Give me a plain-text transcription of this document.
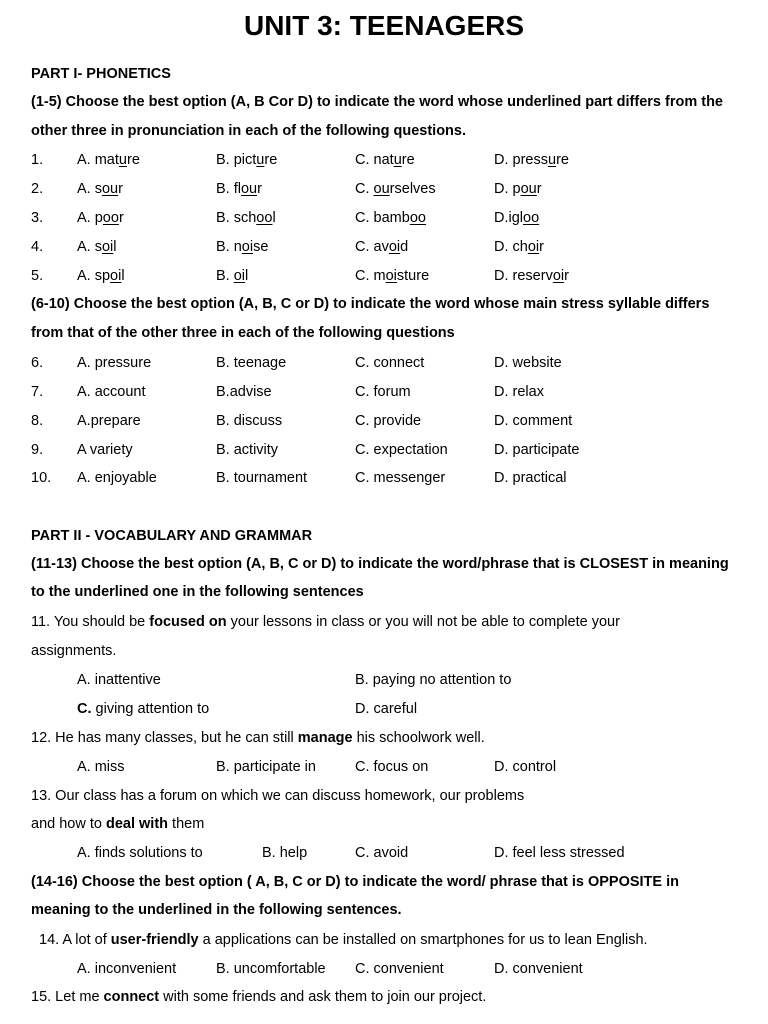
UNIT 3: TEENAGERS
PART I- PHONETICS
(1-5) Choose the best option (A, B Cor D) to indicate the word whose underlined part differs from the
other three in pronunciation in each of the following questions.
1. A. mature	B. picture	C. nature	D. pressure
2. A. sour	B. flour	C. ourselves	D. pour
3. A. poor	B. school	C. bamboo	D.igloo
4. A. soil	B. noise	C. avoid	D. choir
5. A. spoil	B. oil	C. moisture	D. reservoir
(6-10) Choose the best option (A, B, C or D) to indicate the word whose main stress syllable differs
from that of the other three in each of the following questions
6. A. pressure	B. teenage	C. connect	D. website
7. A. account	B.advise	C. forum	D. relax
8. A.prepare	B. discuss	C. provide	D. comment
9. A variety	B. activity	C. expectation	D. participate
10. A. enjoyable	B. tournament	C. messenger	D. practical
PART II - VOCABULARY AND GRAMMAR
(11-13) Choose the best option (A, B, C or D) to indicate the word/phrase that is CLOSEST in meaning
to the underlined one in the following sentences
11. You should be focused on your lessons in class or you will not be able to complete your
assignments.
A. inattentive	B. paying no attention to
C. giving attention to	D. careful
12. He has many classes, but he can still manage his schoolwork well.
A. miss	B. participate in	C. focus on	D. control
13. Our class has a forum on which we can discuss homework, our problems
and how to deal with them
A. finds solutions to	B. help	C. avoid	D. feel less stressed
(14-16) Choose the best option ( A, B, C or D) to indicate the word/ phrase that is OPPOSITE in
meaning to the underlined in the following sentences.
14. A lot of user-friendly a applications can be installed on smartphones for us to lean English.
A. inconvenient	B. uncomfortable C. convenient	D. convenient
15. Let me connect with some friends and ask them to join our project.
